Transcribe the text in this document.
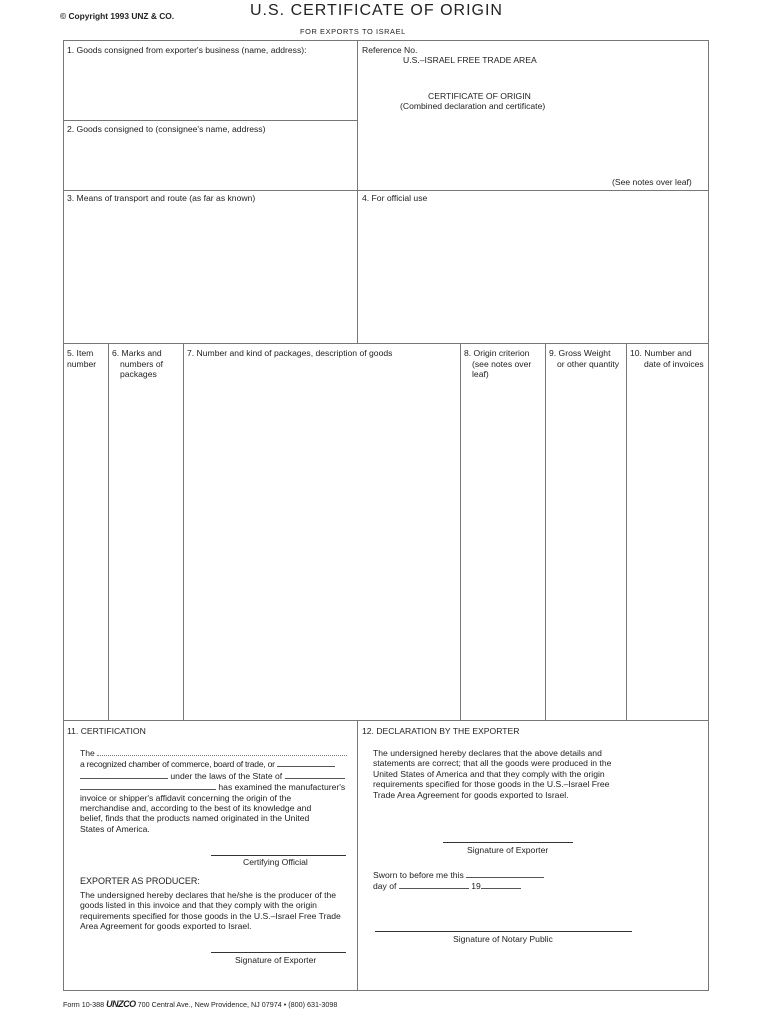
© Copyright 1993 UNZ & CO.	U.S. CERTIFICATE OF ORIGIN
FOR EXPORTS TO ISRAEL
1. Goods consigned from exporter's business (name, address):
2. Goods consigned to (consignee's name, address)
Reference No.
U.S.–ISRAEL FREE TRADE AREA
CERTIFICATE OF ORIGIN
(Combined declaration and certificate)
(See notes over leaf)
3. Means of transport and route (as far as known)	4. For official use
5. Item
number
6. Marks and
numbers of
packages
7. Number and kind of packages, description of goods	8. Origin criterion
(see notes over
leaf)
9. Gross Weight
or other quantity
10. Number and
date of invoices
11. CERTIFICATION
The
a recognized chamber of commerce, board of trade, or
under the laws of the State of
has examined the manufacturer's
invoice or shipper's affidavit concerning the origin of the merchandise and, according to the best of its knowledge and belief, finds that the products named originated in the United States of America.
Certifying Official
EXPORTER AS PRODUCER:
The undersigned hereby declares that he/she is the producer of the goods listed in this invoice and that they comply with the origin requirements specified for those goods in the U.S.–Israel Free Trade Area Agreement for goods exported to Israel.
Signature of Exporter
12. DECLARATION BY THE EXPORTER
The undersigned hereby declares that the above details and statements are correct; that all the goods were produced in the United States of America and that they comply with the origin requirements specified for those goods in the U.S.–Israel Free Trade Area Agreement for goods exported to Israel.
Signature of Exporter
Sworn to before me this
day of	19
Signature of Notary Public
Form 10-388 UNZCO 700 Central Ave., New Providence, NJ 07974 • (800) 631-3098
